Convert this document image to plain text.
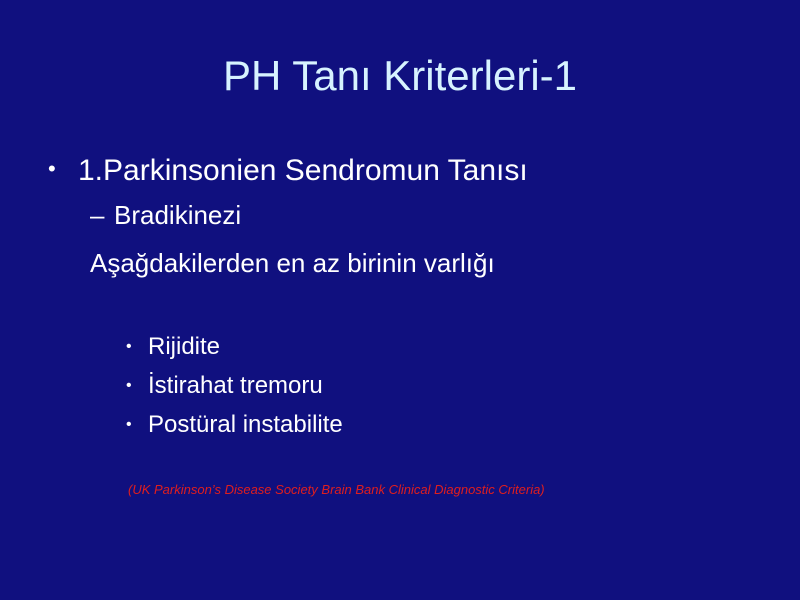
PH Tanı Kriterleri-1
• 1.Parkinsonien Sendromun Tanısı
– Bradikinezi
Aşağdakilerden en az birinin varlığı
• Rijidite
• İstirahat tremoru
• Postüral instabilite
(UK Parkinson’s Disease Society Brain Bank Clinical Diagnostic Criteria)
